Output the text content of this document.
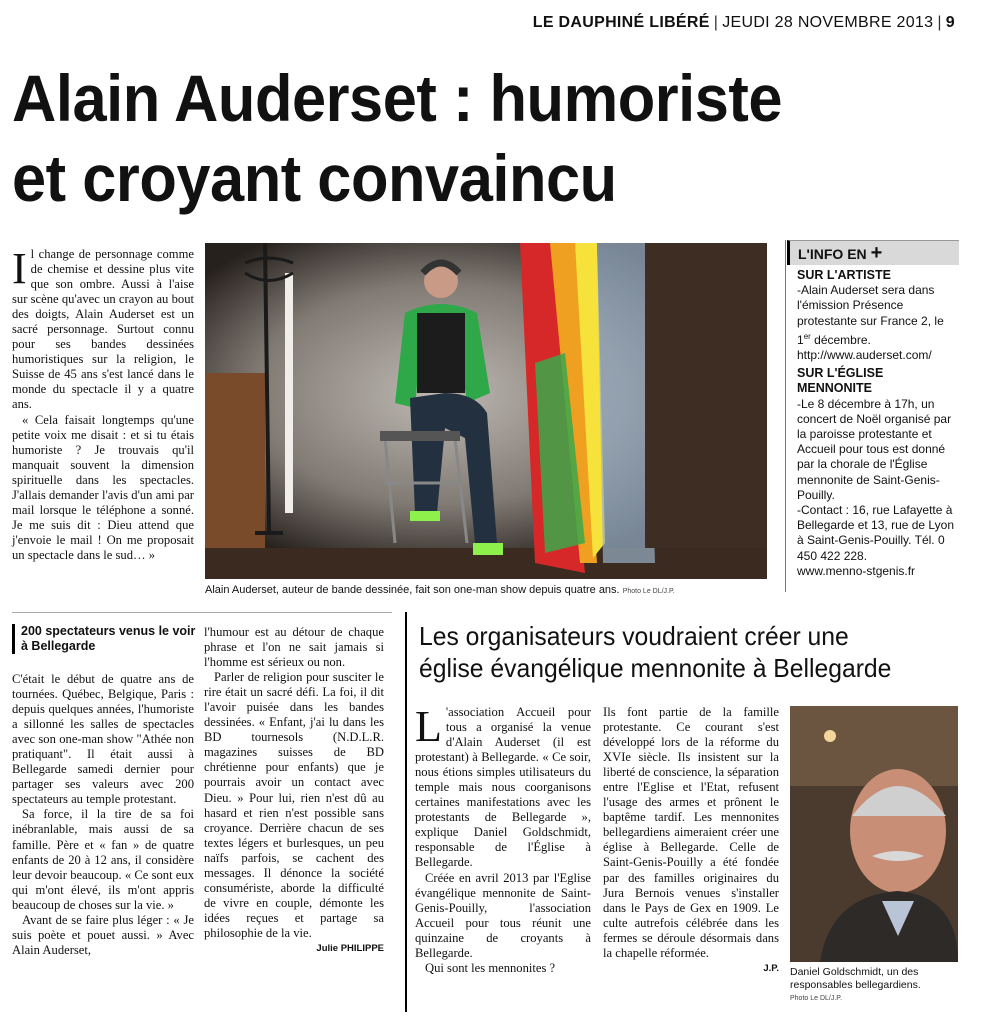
LE DAUPHINÉ LIBÉRÉ | JEUDI 28 NOVEMBRE 2013 | 9
Alain Auderset : humoriste
et croyant convaincu

Il change de personnage comme de chemise et dessine plus vite que son ombre. Aussi à l'aise sur scène qu'avec un crayon au bout des doigts, Alain Auderset est un sacré personnage. Surtout connu pour ses bandes dessinées humoristiques sur la religion, le Suisse de 45 ans s'est lancé dans le monde du spectacle il y a quatre ans.

« Cela faisait longtemps qu'une petite voix me disait : et si tu étais humoriste ? Je trouvais qu'il manquait souvent la dimension spirituelle dans les spectacles. J'allais demander l'avis d'un ami par mail lorsque le téléphone a sonné. Je me suis dit : Dieu attend que j'envoie le mail ! On me proposait un spectacle dans le sud… »

Alain Auderset, auteur de bande dessinée, fait son one-man show depuis quatre ans. Photo Le DL/J.P.
L'INFO EN +
SUR L'ARTISTE
-Alain Auderset sera dans l'émission Présence protestante sur France 2, le 1er décembre.
http://www.auderset.com/
SUR L'ÉGLISE MENNONITE
-Le 8 décembre à 17h, un concert de Noël organisé par la paroisse protestante et Accueil pour tous est donné par la chorale de l'Église mennonite de Saint-Genis-Pouilly.
-Contact : 16, rue Lafayette à Bellegarde et 13, rue de Lyon à Saint-Genis-Pouilly. Tél. 0 450 422 228.
www.menno-stgenis.fr
200 spectateurs venus le voir à Bellegarde

C'était le début de quatre ans de tournées. Québec, Belgique, Paris : depuis quelques années, l'humoriste a sillonné les salles de spectacles avec son one-man show "Athée non pratiquant". Il était aussi à Bellegarde samedi dernier pour partager ses valeurs avec 200 spectateurs au temple protestant.

Sa force, il la tire de sa foi inébranlable, mais aussi de sa famille. Père et « fan » de quatre enfants de 20 à 12 ans, il considère leur devoir beaucoup. « Ce sont eux qui m'ont élevé, ils m'ont appris beaucoup de choses sur la vie. »

Avant de se faire plus léger : « Je suis poète et pouet aussi. » Avec Alain Auderset,

l'humour est au détour de chaque phrase et l'on ne sait jamais si l'homme est sérieux ou non.

Parler de religion pour susciter le rire était un sacré défi. La foi, il dit l'avoir puisée dans les bandes dessinées. « Enfant, j'ai lu dans les BD tournesols (N.D.L.R. magazines suisses de BD chrétienne pour enfants) que je pourrais avoir un contact avec Dieu. » Pour lui, rien n'est dû au hasard et rien n'est possible sans croyance. Derrière chacun de ses textes légers et burlesques, un peu naïfs parfois, se cachent des messages. Il dénonce la société consumériste, aborde la difficulté de vivre en couple, démonte les idées reçues et partage sa philosophie de la vie.

Julie PHILIPPE
Les organisateurs voudraient créer une
église évangélique mennonite à Bellegarde

L 'association Accueil pour tous a organisé la venue d'Alain Auderset (il est protestant) à Bellegarde. « Ce soir, nous étions simples utilisateurs du temple mais nous coorganisons certaines manifestations avec les protestants de Bellegarde », explique Daniel Goldschmidt, responsable de l'Église à Bellegarde.

Créée en avril 2013 par l'Eglise évangélique mennonite de Saint-Genis-Pouilly, l'association Accueil pour tous réunit une quinzaine de croyants à Bellegarde.

Qui sont les mennonites ?

Ils font partie de la famille protestante. Ce courant s'est développé lors de la réforme du XVIe siècle. Ils insistent sur la liberté de conscience, la séparation entre l'Eglise et l'Etat, refusent l'usage des armes et prônent le baptême tardif. Les mennonites bellegardiens aimeraient créer une église à Bellegarde. Celle de Saint-Genis-Pouilly a été fondée par des familles originaires du Jura Bernois venues s'installer dans le Pays de Gex en 1909. Le culte autrefois célébrée dans les fermes se déroule désormais dans la chapelle réformée.

J.P. Daniel Goldschmidt, un des responsables bellegardiens.
Photo Le DL/J.P.
